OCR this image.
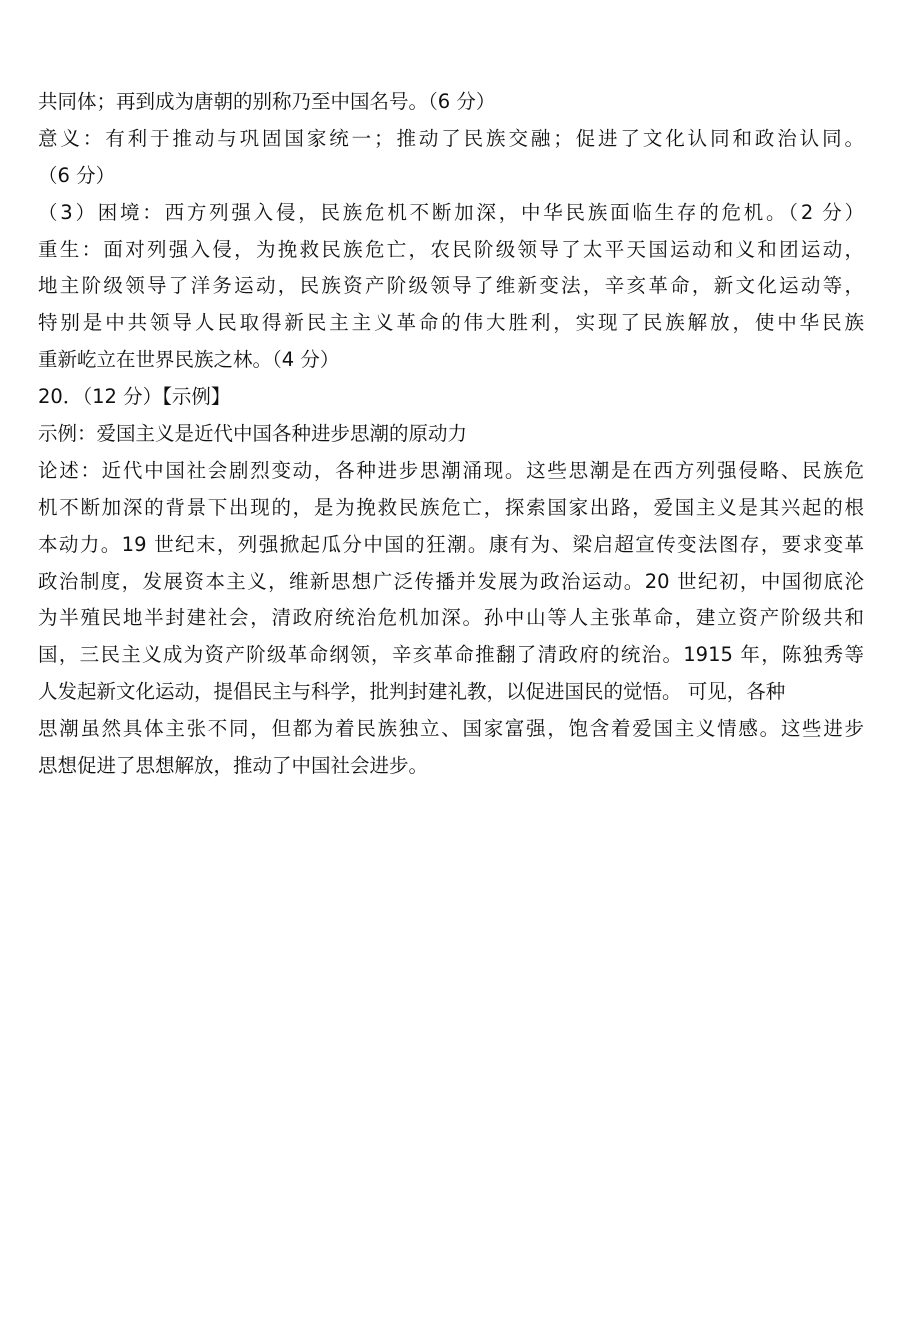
共同体；再到成为唐朝的别称乃至中国名号。（6 分）
意义：有利于推动与巩固国家统一；推动了民族交融；促进了文化认同和政治认同。
（6 分）
（3）困境：西方列强入侵，民族危机不断加深，中华民族面临生存的危机。（2 分）
重生：面对列强入侵，为挽救民族危亡，农民阶级领导了太平天国运动和义和团运动，
地主阶级领导了洋务运动，民族资产阶级领导了维新变法，辛亥革命，新文化运动等，
特别是中共领导人民取得新民主主义革命的伟大胜利，实现了民族解放，使中华民族
重新屹立在世界民族之林。（4 分）
20．（12 分）【示例】
示例：爱国主义是近代中国各种进步思潮的原动力
论述：近代中国社会剧烈变动，各种进步思潮涌现。这些思潮是在西方列强侵略、民族危
机不断加深的背景下出现的，是为挽救民族危亡，探索国家出路，爱国主义是其兴起的根
本动力。19 世纪末，列强掀起瓜分中国的狂潮。康有为、梁启超宣传变法图存，要求变革
政治制度，发展资本主义，维新思想广泛传播并发展为政治运动。20 世纪初，中国彻底沦
为半殖民地半封建社会，清政府统治危机加深。孙中山等人主张革命，建立资产阶级共和
国，三民主义成为资产阶级革命纲领，辛亥革命推翻了清政府的统治。1915 年，陈独秀等
人发起新文化运动，提倡民主与科学，批判封建礼教，以促进国民的觉悟。 可见，各种
思潮虽然具体主张不同，但都为着民族独立、国家富强，饱含着爱国主义情感。这些进步
思想促进了思想解放，推动了中国社会进步。
